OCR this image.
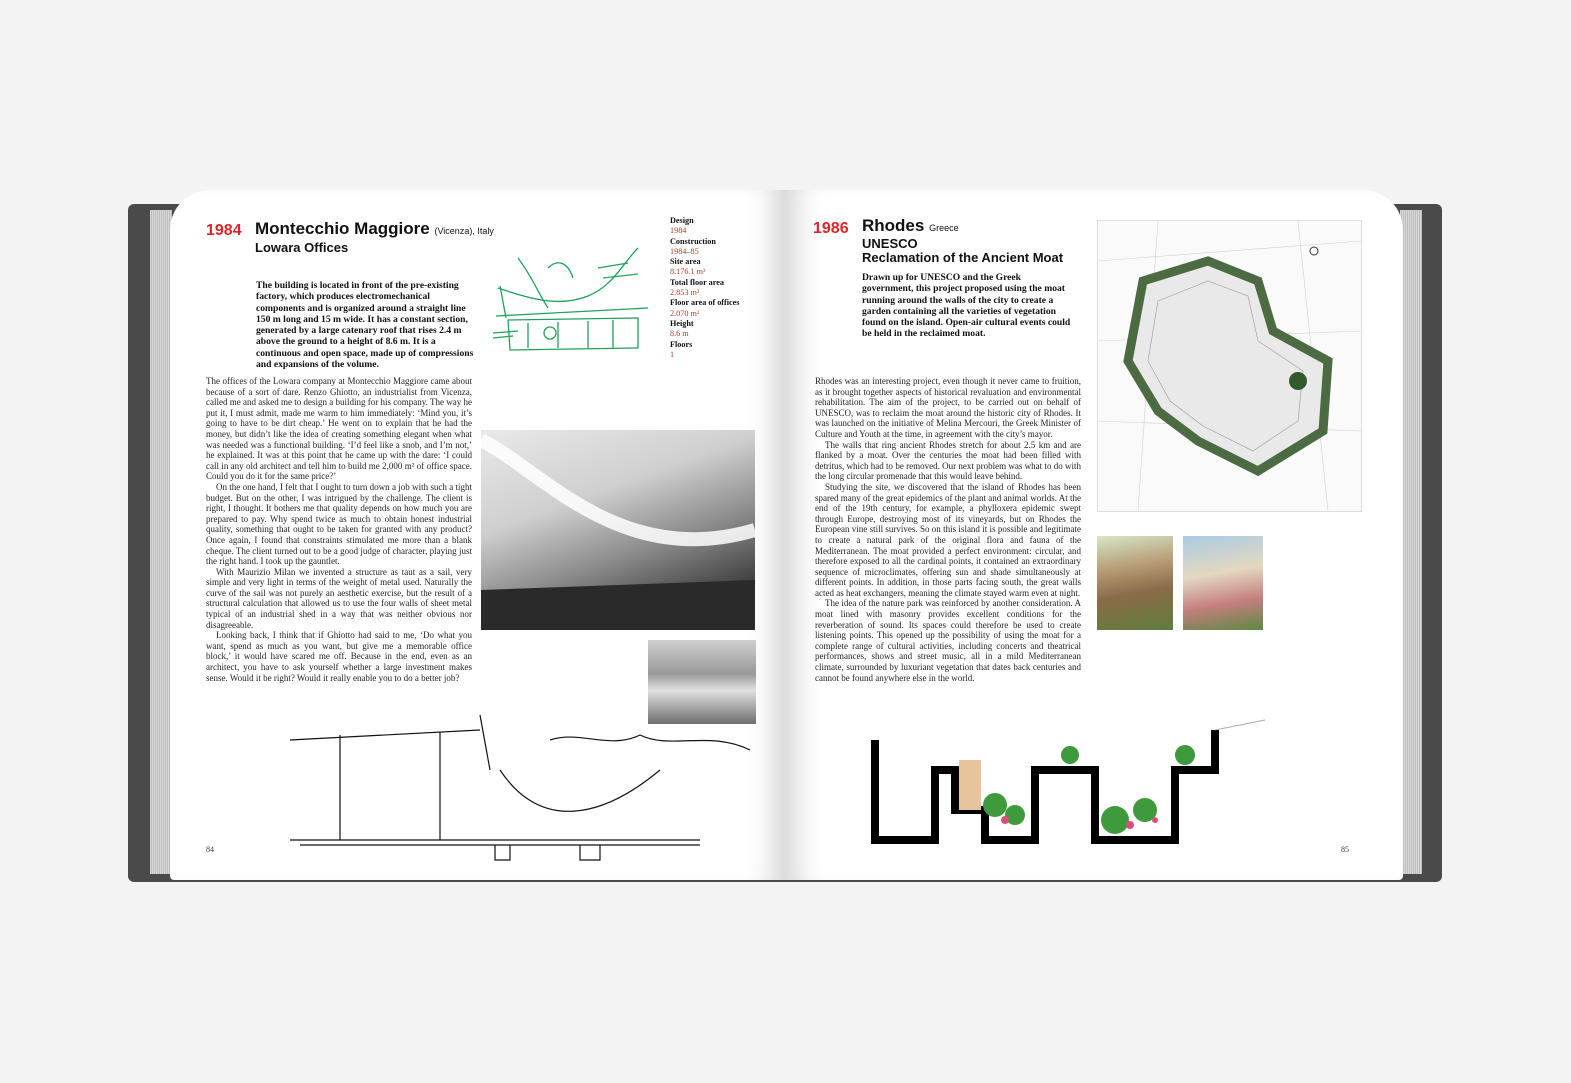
1984 Montecchio Maggiore (Vicenza), Italy
Lowara Offices
The building is located in front of the pre-existing factory, which produces electromechanical components and is organized around a straight line 150 m long and 15 m wide. It has a constant section, generated by a large catenary roof that rises 2.4 m above the ground to a height of 8.6 m. It is a continuous and open space, made up of compressions and expansions of the volume.
Design
1984
Construction
1984–85
Site area
8.176.1 m²
Total floor area
2.853 m²
Floor area of offices
2.070 m²
Height
8.6 m
Floors
1

The offices of the Lowara company at Montecchio Maggiore came about because of a sort of dare. Renzo Ghiotto, an industrialist from Vicenza, called me and asked me to design a building for his company. The way he put it, I must admit, made me warm to him immediately: ‘Mind you, it’s going to have to be dirt cheap.’ He went on to explain that he had the money, but didn’t like the idea of creating something elegant when what was needed was a functional building. ‘I’d feel like a snob, and I’m not,’ he explained. It was at this point that he came up with the dare: ‘I could call in any old architect and tell him to build me 2,000 m² of office space. Could you do it for the same price?’

On the one hand, I felt that I ought to turn down a job with such a tight budget. But on the other, I was intrigued by the challenge. The client is right, I thought. It bothers me that quality depends on how much you are prepared to pay. Why spend twice as much to obtain honest industrial quality, something that ought to be taken for granted with any product? Once again, I found that constraints stimulated me more than a blank cheque. The client turned out to be a good judge of character, playing just the right hand. I took up the gauntlet.

With Maurizio Milan we invented a structure as taut as a sail, very simple and very light in terms of the weight of metal used. Naturally the curve of the sail was not purely an aesthetic exercise, but the result of a structural calculation that allowed us to use the four walls of sheet metal typical of an industrial shed in a way that was neither obvious nor disagreeable.

Looking back, I think that if Ghiotto had said to me, ‘Do what you want, spend as much as you want, but give me a memorable office block,’ it would have scared me off. Because in the end, even as an architect, you have to ask yourself whether a large investment makes sense. Would it be right? Would it really enable you to do a better job?

84
1986 Rhodes Greece
UNESCO
Reclamation of the Ancient Moat
Drawn up for UNESCO and the Greek government, this project proposed using the moat running around the walls of the city to create a garden containing all the varieties of vegetation found on the island. Open-air cultural events could be held in the reclaimed moat.

Rhodes was an interesting project, even though it never came to fruition, as it brought together aspects of historical revaluation and environmental rehabilitation. The aim of the project, to be carried out on behalf of UNESCO, was to reclaim the moat around the historic city of Rhodes. It was launched on the initiative of Melina Mercouri, the Greek Minister of Culture and Youth at the time, in agreement with the city’s mayor.

The walls that ring ancient Rhodes stretch for about 2.5 km and are flanked by a moat. Over the centuries the moat had been filled with detritus, which had to be removed. Our next problem was what to do with the long circular promenade that this would leave behind.

Studying the site, we discovered that the island of Rhodes has been spared many of the great epidemics of the plant and animal worlds. At the end of the 19th century, for example, a phylloxera epidemic swept through Europe, destroying most of its vineyards, but on Rhodes the European vine still survives. So on this island it is possible and legitimate to create a natural park of the original flora and fauna of the Mediterranean. The moat provided a perfect environment: circular, and therefore exposed to all the cardinal points, it contained an extraordinary sequence of microclimates, offering sun and shade simultaneously at different points. In addition, in those parts facing south, the great walls acted as heat exchangers, meaning the climate stayed warm even at night.

The idea of the nature park was reinforced by another consideration. A moat lined with masonry provides excellent conditions for the reverberation of sound. Its spaces could therefore be used to create listening points. This opened up the possibility of using the moat for a complete range of cultural activities, including concerts and theatrical performances, shows and street music, all in a mild Mediterranean climate, surrounded by luxuriant vegetation that dates back centuries and cannot be found anywhere else in the world.

85
